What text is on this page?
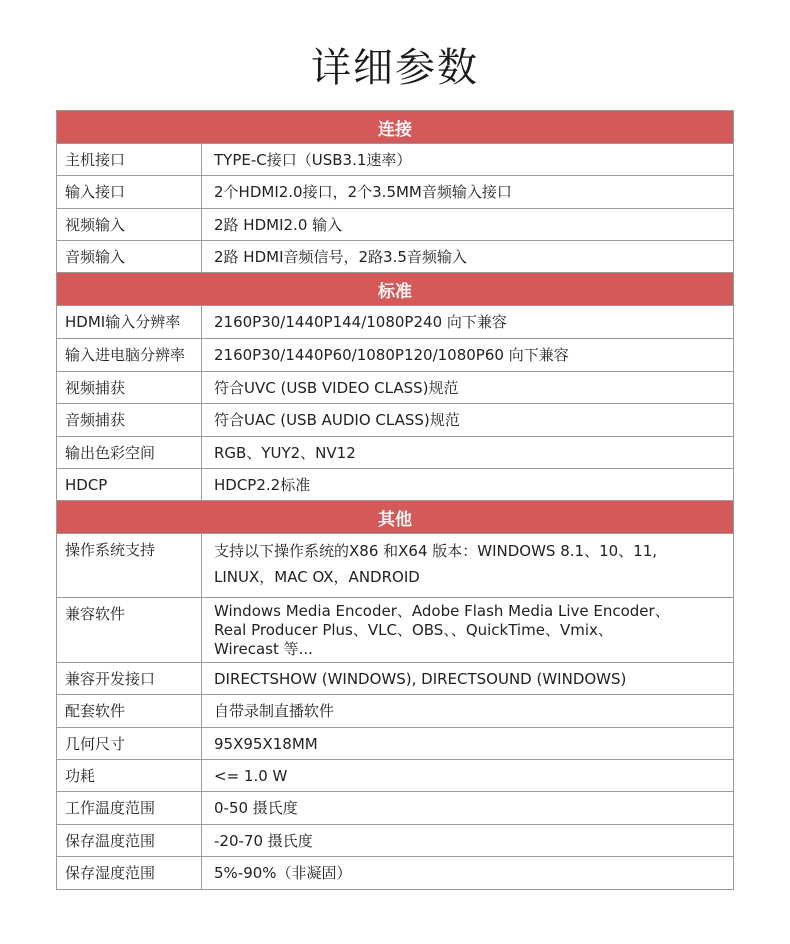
详细参数
连接
主机接口	TYPE-C接口（USB3.1速率）
输入接口	2个HDMI2.0接口，2个3.5MM音频输入接口
视频输入	2路 HDMI2.0 输入
音频输入	2路 HDMI音频信号，2路3.5音频输入
标准
HDMI输入分辨率	2160P30/1440P144/1080P240 向下兼容
输入进电脑分辨率	2160P30/1440P60/1080P120/1080P60 向下兼容
视频捕获	符合UVC (USB VIDEO CLASS)规范
音频捕获	符合UAC (USB AUDIO CLASS)规范
输出色彩空间	RGB、YUY2、NV12
HDCP	HDCP2.2标准
其他
操作系统支持	支持以下操作系统的X86 和X64 版本：WINDOWS 8.1、10、11,
LINUX，MAC OX，ANDROID
兼容软件	Windows Media Encoder、Adobe Flash Media Live Encoder、
Real Producer Plus、VLC、OBS、、QuickTime、Vmix、
Wirecast 等...
兼容开发接口	DIRECTSHOW (WINDOWS), DIRECTSOUND (WINDOWS)
配套软件	自带录制直播软件
几何尺寸	95X95X18MM
功耗	<= 1.0 W
工作温度范围	0-50 摄氏度
保存温度范围	-20-70 摄氏度
保存湿度范围	5%-90%（非凝固）
